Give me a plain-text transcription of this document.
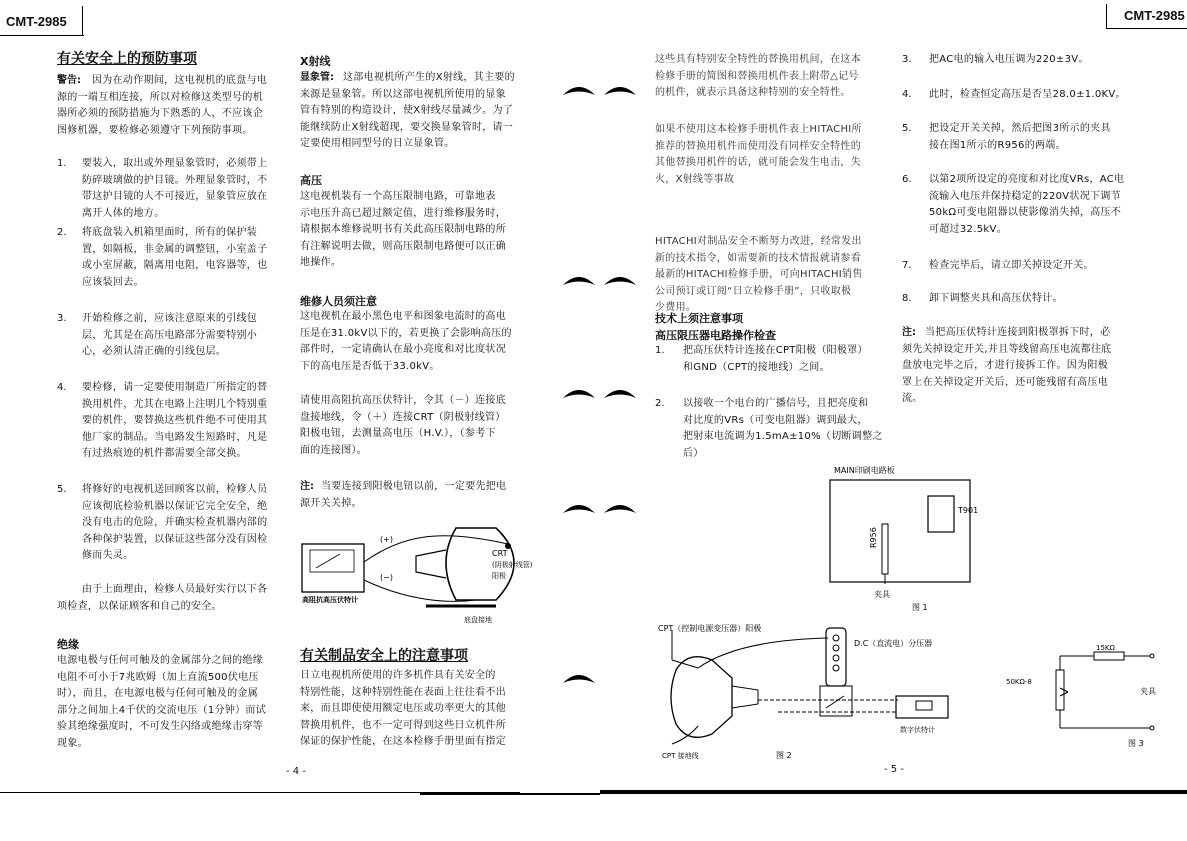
CMT-2985	CMT-2985
有关安全上的预防事项
警告: 因为在动作期间，这电视机的底盘与电
源的一端互相连接，所以对检修这类型号的机
器所必须的预防措施为下熟悉的人，不应该企
图修机器，要检修必须遵守下列预防事项。
1. 要装入，取出或外理显象管时，必须带上
防碎玻璃做的护目镜。外理显象管时，不
带这护目镜的人不可接近，显象管应放在
离开人体的地方。
2. 将底盘装入机箱里面时，所有的保护装
置，如隔板，非金属的调整钮，小室盖子
或小室屏蔽，隔离用电阻，电容器等，也
应该装回去。
3. 开始检修之前，应该注意原来的引线包
层，尤其是在高压电路部分需要特别小
心，必须认清正确的引线包层。
4. 要检修，请一定要使用制造厂所指定的替
换用机件，尤其在电路上注明几个特别重
要的机件，要替换这些机件绝不可使用其
他厂家的制品。当电路发生短路时，凡是
有过热痕迹的机件都需要全部交换。
5. 将修好的电视机送回顾客以前，检修人员
应该彻底检验机器以保证它完全安全，绝
没有电击的危险，并确实检查机器内部的
各种保护装置，以保证这些部分没有因检
修而失灵。
由于上面理由，检修人员最好实行以下各
项检查，以保证顾客和自己的安全。
绝缘
电源电极与任何可触及的金属部分之间的绝缘
电阻不可小于7兆欧姆（加上直流500伏电压
时），而且，在电源电极与任何可触及的金属
部分之间加上4千伏的交流电压（1分钟）而试
验其绝缘强度时，不可发生闪络或绝缘击穿等
现象。
X射线
显象管: 这部电视机所产生的X射线，其主要的
来源是显象管。所以这部电视机所使用的显象
管有特别的构造设计，使X射线尽量减少。为了
能继续防止X射线超现，要交换显象管时，请一
定要使用相同型号的日立显象管。
高压
这电视机装有一个高压限制电路，可靠地表
示电压升高已超过额定值，进行维修服务时，
请根据本维修说明书有关此高压限制电路的所
有注解说明去做，则高压限制电路便可以正确
地操作。
维修人员须注意
这电视机在最小黑色电平和图象电流时的高电
压是在31.0kV以下的，若更换了会影响高压的
部件时，一定请确认在最小亮度和对比度状况
下的高电压是否低于33.0kV。
请使用高阻抗高压伏特计，令其（－）连接底
盘接地线，令（＋）连接CRT（阴极射线管）
阳极电钮，去测量高电压（H.V.），（参考下
面的连接图）。
注: 当要连接到阳极电钮以前，一定要先把电
源开关关掉。
(+)
(−)
CRT
(阴极射线管)
阳极
高阻抗高压伏特计
底盘接地
有关制品安全上的注意事项
日立电视机所使用的许多机件具有关安全的
特别性能，这种特别性能在表面上往往看不出
来，而且即使使用额定电压或功率更大的其他
替换用机件，也不一定可得到这些日立机件所
保证的保护性能，在这本检修手册里面有指定
这些具有特别安全特性的替换用机间，在这本
检修手册的简图和替换用机件表上附带△记号
的机件，就表示具备这种特别的安全特性。
如果不使用这本检修手册机件表上HITACHI所
推荐的替换用机件而使用没有同样安全特性的
其他替换用机件的话，就可能会发生电击，失
火，X射线等事故
HITACHI对制品安全不断努力改进，经常发出
新的技术指令，如需要新的技术情报就请参看
最新的HITACHI检修手册，可向HITACHI销售
公司预订或订阅“日立检修手册”，只收取极
少费用。
技术上须注意事项
高压限压器电路操作检查
1. 把高压伏特计连接在CPT阳极（阳极罩）
和GND（CPT的接地线）之间。
2. 以接收一个电台的广播信号，且把亮度和
对比度的VRs（可变电阻器）调到最大，
把射束电流调为1.5mA±10%（切断调整之
后）
MAIN印刷电路板
T901
R956
夹具
图 1
CPT（控制电源变压器）阳极
D.C（直流电）分压器
数字伏特计
CPT 接地线	图 2
15KΩ
50KΩ-8
夹具
图 3
3. 把AC电的输入电压调为220±3V。
4. 此时，检查恒定高压是否呈28.0±1.0KV。
5. 把设定开关关掉，然后把图3所示的夹具
接在图1所示的R956的两端。
6. 以第2项所设定的亮度和对比度VRs，AC电
流输入电压并保持稳定的220V状况下调节
50kΩ可变电阻器以使影像消失掉，高压不
可超过32.5kV。
7. 检查完毕后，请立即关掉设定开关。
8. 卸下调整夹具和高压伏特计。
注: 当把高压伏特计连接到阳极罩拆下时，必
须先关掉设定开关,并且等线留高压电流都往底
盘放电完毕之后，才进行接拆工作。因为阳极
罩上在关掉设定开关后，还可能残留有高压电
流。
- 4 -	- 5 -
